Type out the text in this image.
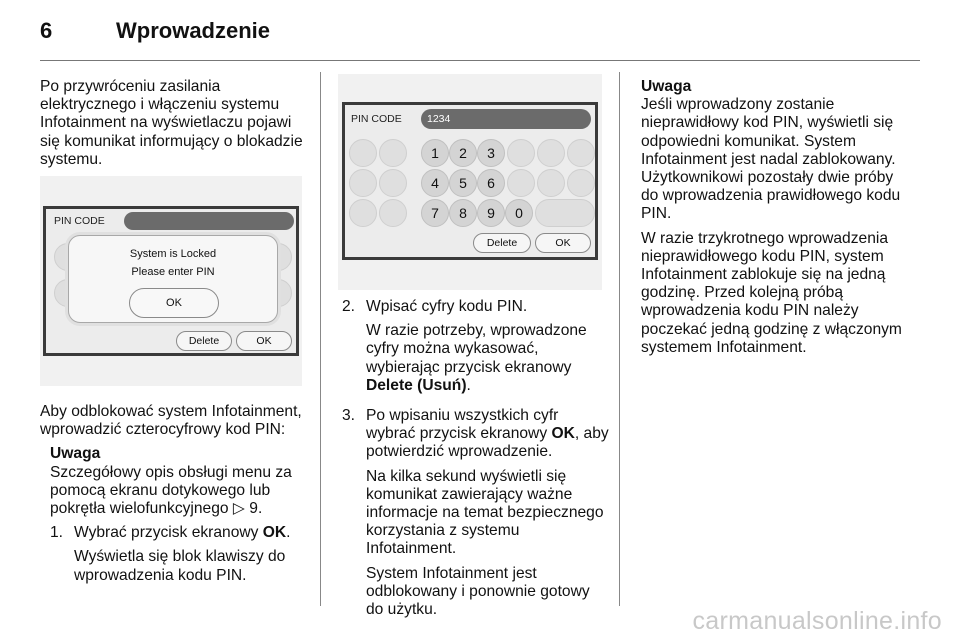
6	Wprowadzenie

Po przywróceniu zasilania elektrycznego i włączeniu systemu Infotainment na wyświetlaczu pojawi się komunikat informujący o blokadzie systemu.

PIN CODE
System is Locked
Please enter PIN
OK
Delete	OK

Aby odblokować system Infotainment, wprowadzić czterocyfrowy kod PIN:

Uwaga

Szczegółowy opis obsługi menu za pomocą ekranu dotykowego lub pokrętła wielofunkcyjnego ▷ 9.

1. Wybrać przycisk ekranowy OK.

Wyświetla się blok klawiszy do wprowadzenia kodu PIN.

PIN CODE	1234
1	2	3
4	5	6
7	8	9	0
Delete	OK
2. Wpisać cyfry kodu PIN.

W razie potrzeby, wprowadzone cyfry można wykasować, wybierając przycisk ekranowy Delete (Usuń).

3. Po wpisaniu wszystkich cyfr wybrać przycisk ekranowy OK, aby potwierdzić wprowadzenie.

Na kilka sekund wyświetli się komunikat zawierający ważne informacje na temat bezpiecznego korzystania z systemu Infotainment.

System Infotainment jest odblokowany i ponownie gotowy do użytku.

Uwaga

Jeśli wprowadzony zostanie nieprawidłowy kod PIN, wyświetli się odpowiedni komunikat. System Infotainment jest nadal zablokowany. Użytkownikowi pozostały dwie próby do wprowadzenia prawidłowego kodu PIN.

W razie trzykrotnego wprowadzenia nieprawidłowego kodu PIN, system Infotainment zablokuje się na jedną godzinę. Przed kolejną próbą wprowadzenia kodu PIN należy poczekać jedną godzinę z włączonym systemem Infotainment.

carmanualsonline.info
